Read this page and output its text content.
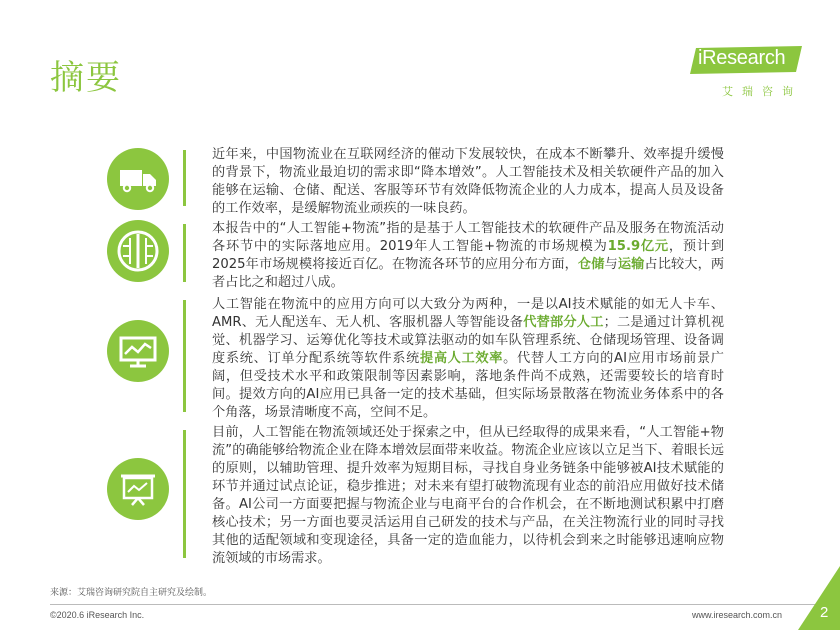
摘要	iResearch
艾瑞咨询
近年来，中国物流业在互联网经济的催动下发展较快，在成本不断攀升、效率提升缓慢的背景下，物流业最迫切的需求即“降本增效”。人工智能技术及相关软硬件产品的加入能够在运输、仓储、配送、客服等环节有效降低物流企业的人力成本，提高人员及设备的工作效率，是缓解物流业顽疾的一味良药。
本报告中的“人工智能+物流”指的是基于人工智能技术的软硬件产品及服务在物流活动各环节中的实际落地应用。2019年人工智能+物流的市场规模为15.9亿元，预计到2025年市场规模将接近百亿。在物流各环节的应用分布方面，仓储与运输占比较大，两者占比之和超过八成。
人工智能在物流中的应用方向可以大致分为两种，一是以AI技术赋能的如无人卡车、AMR、无人配送车、无人机、客服机器人等智能设备代替部分人工；二是通过计算机视觉、机器学习、运筹优化等技术或算法驱动的如车队管理系统、仓储现场管理、设备调度系统、订单分配系统等软件系统提高人工效率。代替人工方向的AI应用市场前景广阔，但受技术水平和政策限制等因素影响，落地条件尚不成熟，还需要较长的培育时间。提效方向的AI应用已具备一定的技术基础，但实际场景散落在物流业务体系中的各个角落，场景清晰度不高，空间不足。
目前，人工智能在物流领域还处于探索之中，但从已经取得的成果来看，“人工智能+物流”的确能够给物流企业在降本增效层面带来收益。物流企业应该以立足当下、着眼长远的原则，以辅助管理、提升效率为短期目标，寻找自身业务链条中能够被AI技术赋能的环节并通过试点论证，稳步推进；对未来有望打破物流现有业态的前沿应用做好技术储备。AI公司一方面要把握与物流企业与电商平台的合作机会，在不断地测试积累中打磨核心技术；另一方面也要灵活运用自己研发的技术与产品，在关注物流行业的同时寻找其他的适配领域和变现途径，具备一定的造血能力，以待机会到来之时能够迅速响应物流领域的市场需求。
来源：艾瑞咨询研究院自主研究及绘制。
©2020.6 iResearch Inc.	www.iresearch.com.cn	2
